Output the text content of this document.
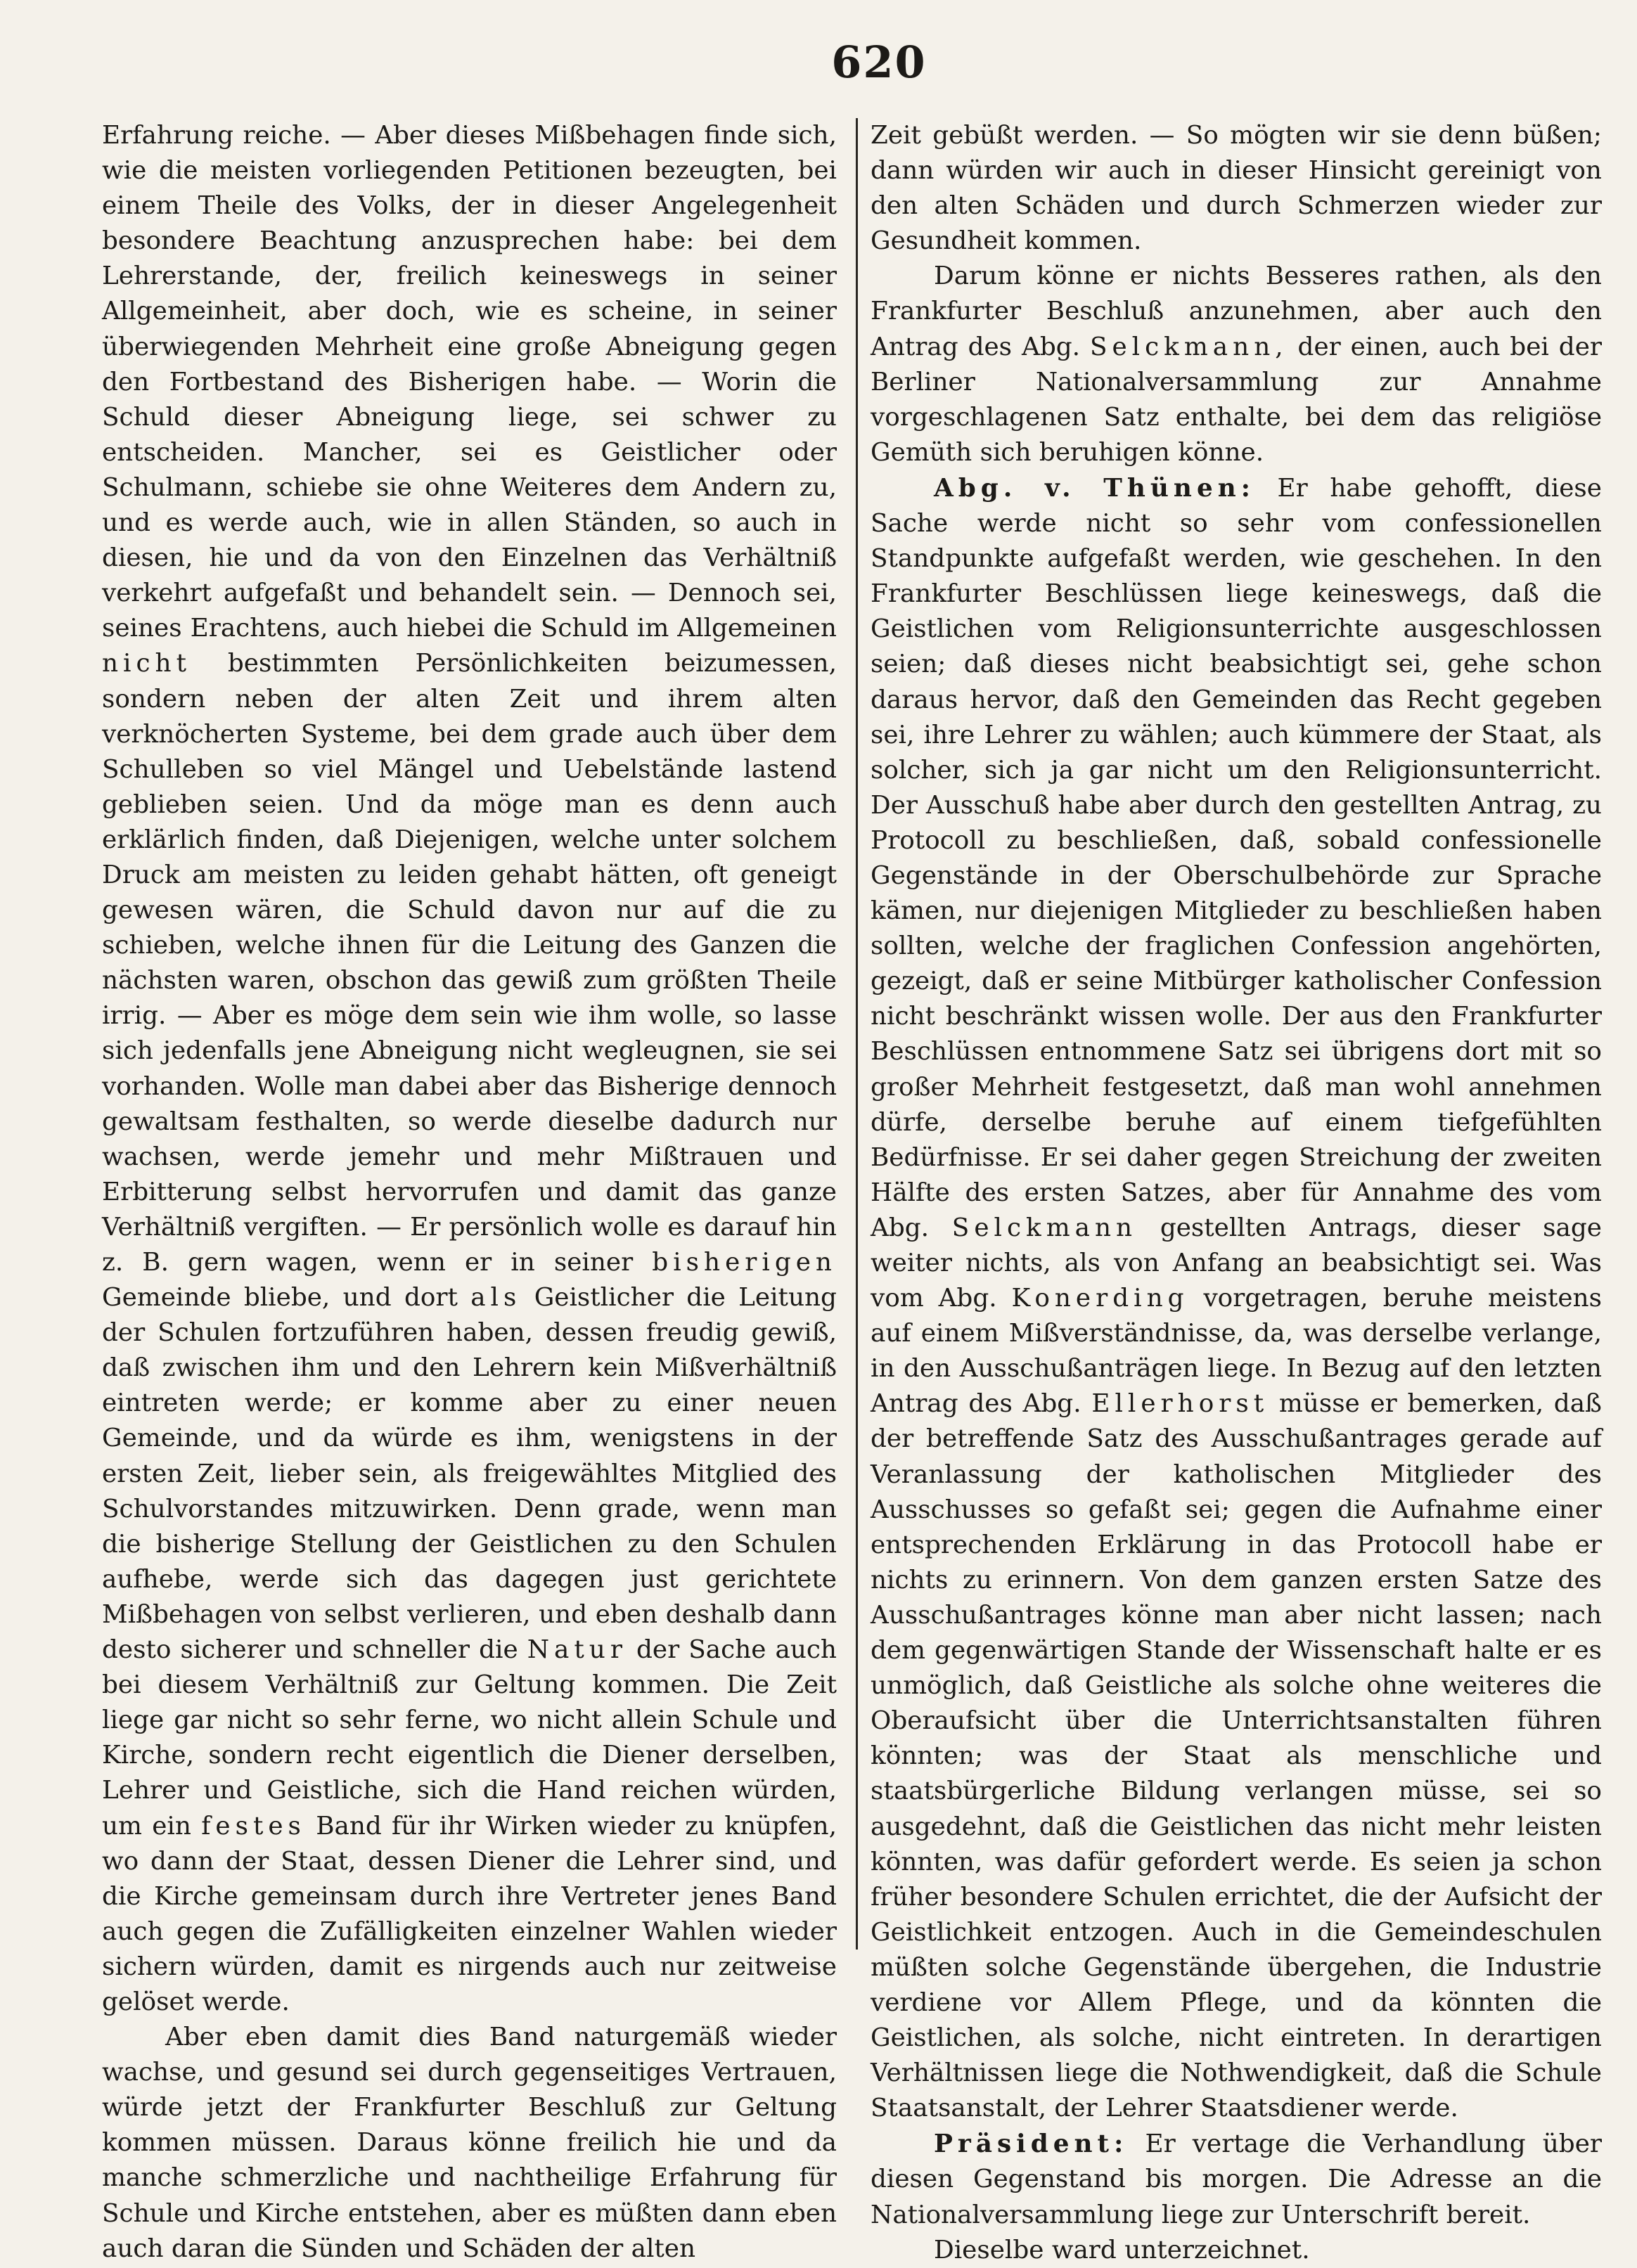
620

Erfahrung reiche. — Aber dieses Mißbehagen finde sich, wie die meisten vorliegenden Petitionen bezeugten, bei einem Theile des Volks, der in dieser Angelegenheit besondere Beachtung anzusprechen habe: bei dem Lehrerstande, der, freilich keineswegs in seiner Allgemeinheit, aber doch, wie es scheine, in seiner überwiegenden Mehrheit eine große Abneigung gegen den Fortbestand des Bisherigen habe. — Worin die Schuld dieser Abneigung liege, sei schwer zu entscheiden. Mancher, sei es Geistlicher oder Schulmann, schiebe sie ohne Weiteres dem Andern zu, und es werde auch, wie in allen Ständen, so auch in diesen, hie und da von den Einzelnen das Verhältniß verkehrt aufgefaßt und behandelt sein. — Dennoch sei, seines Erachtens, auch hiebei die Schuld im Allgemeinen nicht bestimmten Persönlichkeiten beizumessen, sondern neben der alten Zeit und ihrem alten verknöcherten Systeme, bei dem grade auch über dem Schulleben so viel Mängel und Uebelstände lastend geblieben seien. Und da möge man es denn auch erklärlich finden, daß Diejenigen, welche unter solchem Druck am meisten zu leiden gehabt hätten, oft geneigt gewesen wären, die Schuld davon nur auf die zu schieben, welche ihnen für die Leitung des Ganzen die nächsten waren, obschon das gewiß zum größten Theile irrig. — Aber es möge dem sein wie ihm wolle, so lasse sich jedenfalls jene Abneigung nicht wegleugnen, sie sei vorhanden. Wolle man dabei aber das Bisherige dennoch gewaltsam festhalten, so werde dieselbe dadurch nur wachsen, werde jemehr und mehr Mißtrauen und Erbitterung selbst hervorrufen und damit das ganze Verhältniß vergiften. — Er persönlich wolle es darauf hin z. B. gern wagen, wenn er in seiner bisherigen Gemeinde bliebe, und dort als Geistlicher die Leitung der Schulen fortzuführen haben, dessen freudig gewiß, daß zwischen ihm und den Lehrern kein Mißverhältniß eintreten werde; er komme aber zu einer neuen Gemeinde, und da würde es ihm, wenigstens in der ersten Zeit, lieber sein, als freigewähltes Mitglied des Schulvorstandes mitzuwirken. Denn grade, wenn man die bisherige Stellung der Geistlichen zu den Schulen aufhebe, werde sich das dagegen just gerichtete Mißbehagen von selbst verlieren, und eben deshalb dann desto sicherer und schneller die Natur der Sache auch bei diesem Verhältniß zur Geltung kommen. Die Zeit liege gar nicht so sehr ferne, wo nicht allein Schule und Kirche, sondern recht eigentlich die Diener derselben, Lehrer und Geistliche, sich die Hand reichen würden, um ein festes Band für ihr Wirken wieder zu knüpfen, wo dann der Staat, dessen Diener die Lehrer sind, und die Kirche gemeinsam durch ihre Vertreter jenes Band auch gegen die Zufälligkeiten einzelner Wahlen wieder sichern würden, damit es nirgends auch nur zeitweise gelöset werde.

Aber eben damit dies Band naturgemäß wieder wachse, und gesund sei durch gegenseitiges Vertrauen, würde jetzt der Frankfurter Beschluß zur Geltung kommen müssen. Daraus könne freilich hie und da manche schmerzliche und nachtheilige Erfahrung für Schule und Kirche entstehen, aber es müßten dann eben auch daran die Sünden und Schäden der alten

Zeit gebüßt werden. — So mögten wir sie denn büßen; dann würden wir auch in dieser Hinsicht gereinigt von den alten Schäden und durch Schmerzen wieder zur Gesundheit kommen.

Darum könne er nichts Besseres rathen, als den Frankfurter Beschluß anzunehmen, aber auch den Antrag des Abg. Selckmann, der einen, auch bei der Berliner Nationalversammlung zur Annahme vorgeschlagenen Satz enthalte, bei dem das religiöse Gemüth sich beruhigen könne.

Abg. v. Thünen: Er habe gehofft, diese Sache werde nicht so sehr vom confessionellen Standpunkte aufgefaßt werden, wie geschehen. In den Frankfurter Beschlüssen liege keineswegs, daß die Geistlichen vom Religionsunterrichte ausgeschlossen seien; daß dieses nicht beabsichtigt sei, gehe schon daraus hervor, daß den Gemeinden das Recht gegeben sei, ihre Lehrer zu wählen; auch kümmere der Staat, als solcher, sich ja gar nicht um den Religionsunterricht. Der Ausschuß habe aber durch den gestellten Antrag, zu Protocoll zu beschließen, daß, sobald confessionelle Gegenstände in der Oberschulbehörde zur Sprache kämen, nur diejenigen Mitglieder zu beschließen haben sollten, welche der fraglichen Confession angehörten, gezeigt, daß er seine Mitbürger katholischer Confession nicht beschränkt wissen wolle. Der aus den Frankfurter Beschlüssen entnommene Satz sei übrigens dort mit so großer Mehrheit festgesetzt, daß man wohl annehmen dürfe, derselbe beruhe auf einem tiefgefühlten Bedürfnisse. Er sei daher gegen Streichung der zweiten Hälfte des ersten Satzes, aber für Annahme des vom Abg. Selckmann gestellten Antrags, dieser sage weiter nichts, als von Anfang an beabsichtigt sei. Was vom Abg. Konerding vorgetragen, beruhe meistens auf einem Mißverständnisse, da, was derselbe verlange, in den Ausschußanträgen liege. In Bezug auf den letzten Antrag des Abg. Ellerhorst müsse er bemerken, daß der betreffende Satz des Ausschußantrages gerade auf Veranlassung der katholischen Mitglieder des Ausschusses so gefaßt sei; gegen die Aufnahme einer entsprechenden Erklärung in das Protocoll habe er nichts zu erinnern. Von dem ganzen ersten Satze des Ausschußantrages könne man aber nicht lassen; nach dem gegenwärtigen Stande der Wissenschaft halte er es unmöglich, daß Geistliche als solche ohne weiteres die Oberaufsicht über die Unterrichtsanstalten führen könnten; was der Staat als menschliche und staatsbürgerliche Bildung verlangen müsse, sei so ausgedehnt, daß die Geistlichen das nicht mehr leisten könnten, was dafür gefordert werde. Es seien ja schon früher besondere Schulen errichtet, die der Aufsicht der Geistlichkeit entzogen. Auch in die Gemeindeschulen müßten solche Gegenstände übergehen, die Industrie verdiene vor Allem Pflege, und da könnten die Geistlichen, als solche, nicht eintreten. In derartigen Verhältnissen liege die Nothwendigkeit, daß die Schule Staatsanstalt, der Lehrer Staatsdiener werde.

Präsident: Er vertage die Verhandlung über diesen Gegenstand bis morgen. Die Adresse an die Nationalversammlung liege zur Unterschrift bereit.

Dieselbe ward unterzeichnet.
